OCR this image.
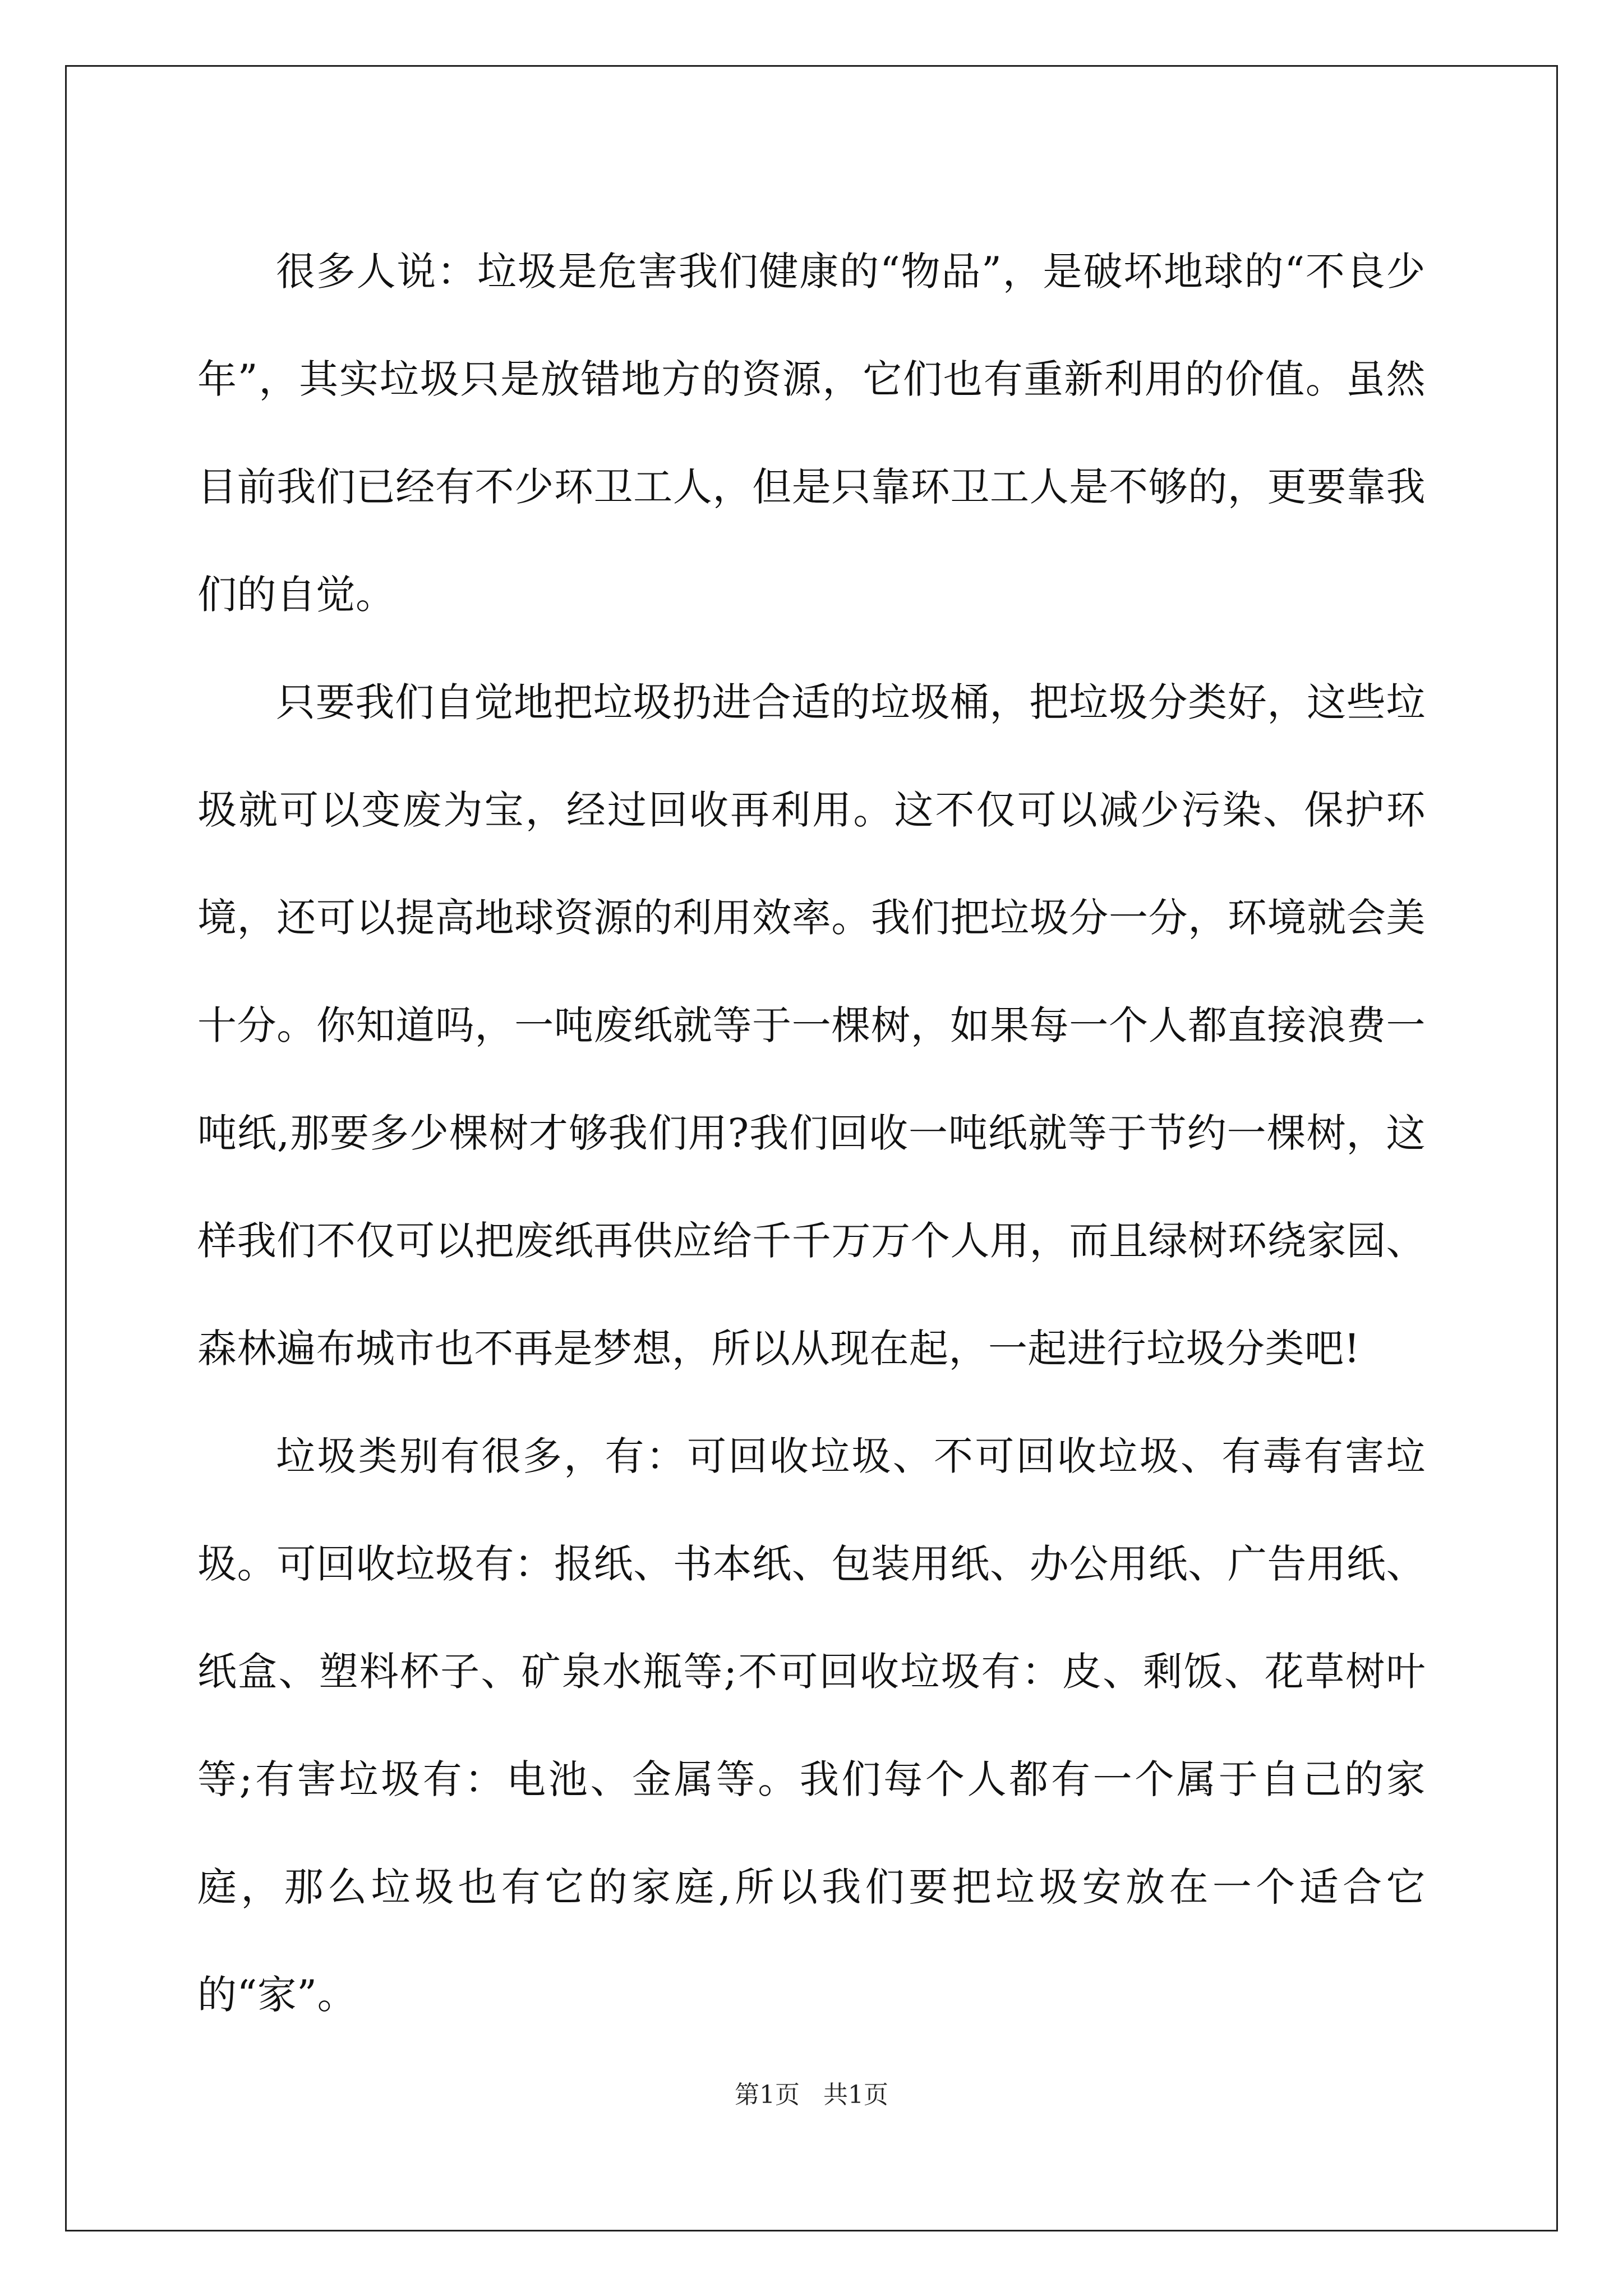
很多人说：垃圾是危害我们健康的“物品”，是破坏地球的“不良少年”，其实垃圾只是放错地方的资源，它们也有重新利用的价值。虽然目前我们已经有不少环卫工人，但是只靠环卫工人是不够的，更要靠我们的自觉。

只要我们自觉地把垃圾扔进合适的垃圾桶，把垃圾分类好，这些垃圾就可以变废为宝，经过回收再利用。这不仅可以减少污染、保护环境，还可以提高地球资源的利用效率。我们把垃圾分一分，环境就会美十分。你知道吗，一吨废纸就等于一棵树，如果每一个人都直接浪费一吨纸,那要多少棵树才够我们用?我们回收一吨纸就等于节约一棵树，这样我们不仅可以把废纸再供应给千千万万个人用，而且绿树环绕家园、森林遍布城市也不再是梦想，所以从现在起，一起进行垃圾分类吧!

垃圾类别有很多，有：可回收垃圾、不可回收垃圾、有毒有害垃圾。可回收垃圾有：报纸、书本纸、包装用纸、办公用纸、广告用纸、纸盒、塑料杯子、矿泉水瓶等;不可回收垃圾有：皮、剩饭、花草树叶等;有害垃圾有：电池、金属等。我们每个人都有一个属于自己的家庭，那么垃圾也有它的家庭,所以我们要把垃圾安放在一个适合它的“家”。

第1页 共1页
